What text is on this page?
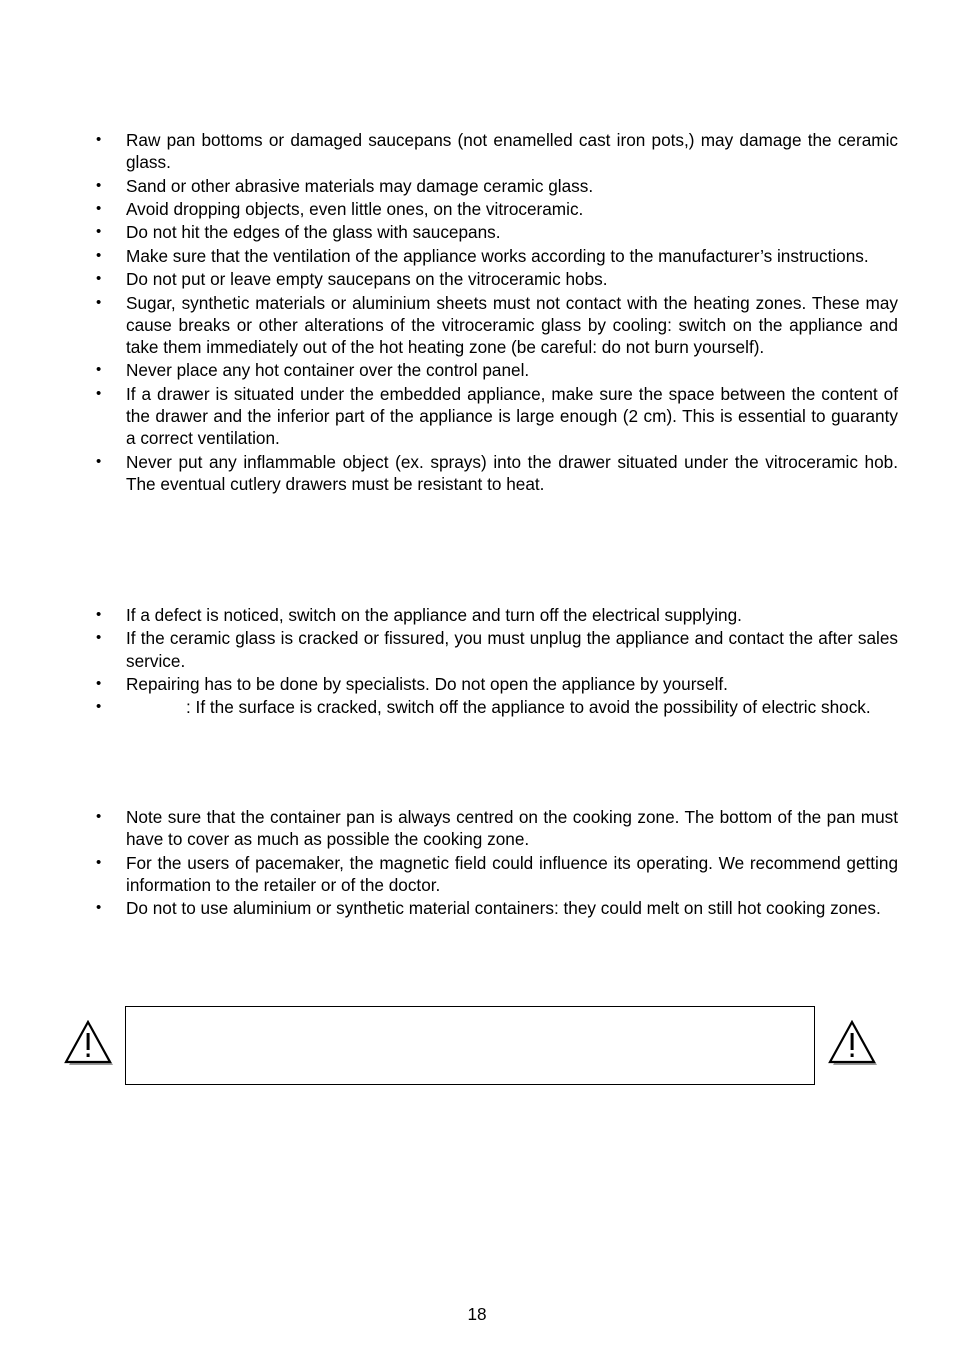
• Raw pan bottoms or damaged saucepans (not enamelled cast iron pots,) may damage the ceramic glass.
• Sand or other abrasive materials may damage ceramic glass.
• Avoid dropping objects, even little ones, on the vitroceramic.
• Do not hit the edges of the glass with saucepans.
• Make sure that the ventilation of the appliance works according to the manufacturer’s instructions.
• Do not put or leave empty saucepans on the vitroceramic hobs.
• Sugar, synthetic materials or aluminium sheets must not contact with the heating zones. These may cause breaks or other alterations of the vitroceramic glass by cooling: switch on the appliance and take them immediately out of the hot heating zone (be careful: do not burn yourself).
• Never place any hot container over the control panel.
• If a drawer is situated under the embedded appliance, make sure the space between the content of the drawer and the inferior part of the appliance is large enough (2 cm). This is essential to guaranty a correct ventilation.
• Never put any inflammable object (ex. sprays) into the drawer situated under the vitroceramic hob. The eventual cutlery drawers must be resistant to heat.
• If a defect is noticed, switch on the appliance and turn off the electrical supplying.
• If the ceramic glass is cracked or fissured, you must unplug the appliance and contact the after sales service.
• Repairing has to be done by specialists. Do not open the appliance by yourself.
•	: If the surface is cracked, switch off the appliance to avoid the possibility of electric shock.
• Note sure that the container pan is always centred on the cooking zone. The bottom of the pan must have to cover as much as possible the cooking zone.
• For the users of pacemaker, the magnetic field could influence its operating. We recommend getting information to the retailer or of the doctor.
• Do not to use aluminium or synthetic material containers: they could melt on still hot cooking zones.
18
